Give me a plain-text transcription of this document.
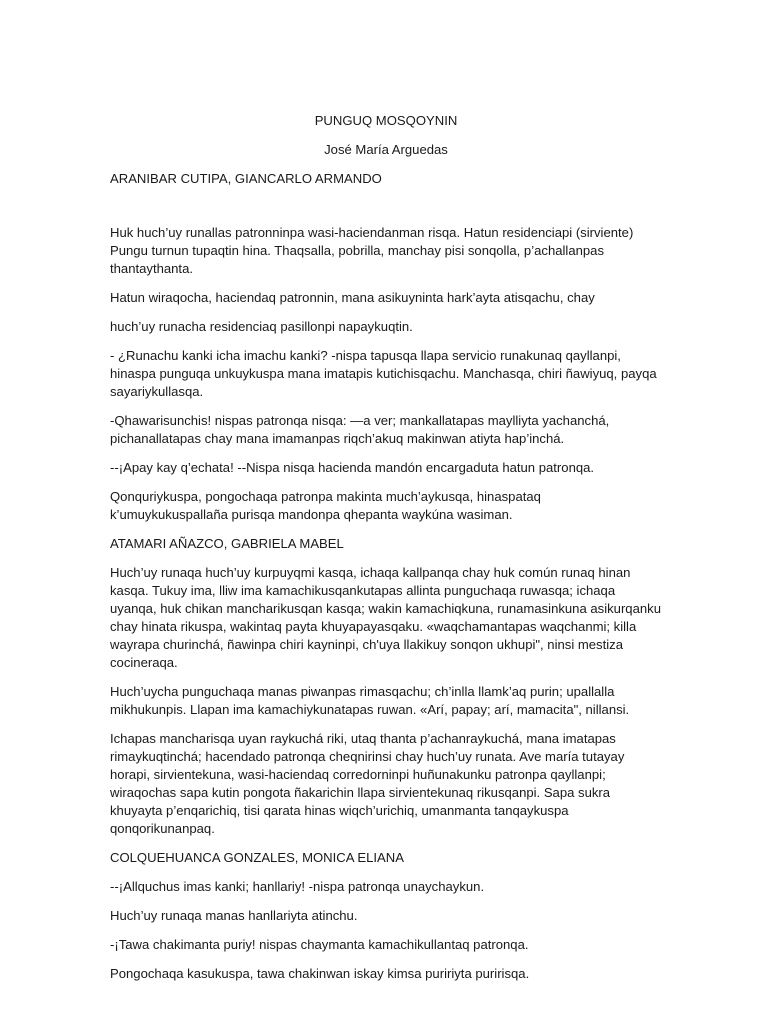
PUNGUQ MOSQOYNIN
José María Arguedas
ARANIBAR CUTIPA, GIANCARLO ARMANDO

Huk huch’uy runallas patronninpa wasi-haciendanman risqa. Hatun residenciapi (sirviente) Pungu turnun tupaqtin hina. Thaqsalla, pobrilla, manchay pisi sonqolla, p’achallanpas thantaythanta.

Hatun wiraqocha, haciendaq patronnin, mana asikuyninta hark’ayta atisqachu, chay

huch’uy runacha residenciaq pasillonpi napaykuqtin.

- ¿Runachu kanki icha imachu kanki? -nispa tapusqa llapa servicio runakunaq qayllanpi, hinaspa punguqa unkuykuspa mana imatapis kutichisqachu. Manchasqa, chiri ñawiyuq, payqa sayariykullasqa.

-Qhawarisunchis! nispas patronqa nisqa: —a ver; mankallatapas maylliyta yachanchá, pichanallatapas chay mana imamanpas riqch’akuq makinwan atiyta hap’inchá.

--¡Apay kay q’echata! --Nispa nisqa hacienda mandón encargaduta hatun patronqa.

Qonquriykuspa, pongochaqa patronpa makinta much’aykusqa, hinaspataq k’umuykukuspallaña purisqa mandonpa qhepanta waykúna wasiman.

ATAMARI AÑAZCO, GABRIELA MABEL

Huch’uy runaqa huch’uy kurpuyqmi kasqa, ichaqa kallpanqa chay huk común runaq hinan kasqa. Tukuy ima, lliw ima kamachikusqankutapas allinta punguchaqa ruwasqa; ichaqa uyanqa, huk chikan mancharikusqan kasqa; wakin kamachiqkuna, runamasinkuna asikurqanku chay hinata rikuspa, wakintaq payta khuyapayasqaku. «waqchamantapas waqchanmi; killa wayrapa churinchá, ñawinpa chiri kayninpi, ch'uya llakikuy sonqon ukhupi", ninsi mestiza cocineraqa.

Huch’uycha punguchaqa manas piwanpas rimasqachu; ch’inlla llamk’aq purin; upallalla mikhukunpis. Llapan ima kamachiykunatapas ruwan. «Arí, papay; arí, mamacita", nillansi.

Ichapas mancharisqa uyan raykuchá riki, utaq thanta p’achanraykuchá, mana imatapas rimaykuqtinchá; hacendado patronqa cheqnirinsi chay huch’uy runata. Ave maría tutayay horapi, sirvientekuna, wasi-haciendaq corredorninpi huñunakunku patronpa qayllanpi; wiraqochas sapa kutin pongota ñakarichin llapa sirvientekunaq rikusqanpi. Sapa sukra khuyayta p’enqarichiq, tisi qarata hinas wiqch’urichiq, umanmanta tanqaykuspa qonqorikunanpaq.

COLQUEHUANCA GONZALES, MONICA ELIANA

--¡Allquchus imas kanki; hanllariy! -nispa patronqa unaychaykun.

Huch’uy runaqa manas hanllariyta atinchu.

-¡Tawa chakimanta puriy! nispas chaymanta kamachikullantaq patronqa.

Pongochaqa kasukuspa, tawa chakinwan iskay kimsa puririyta puririsqa.
